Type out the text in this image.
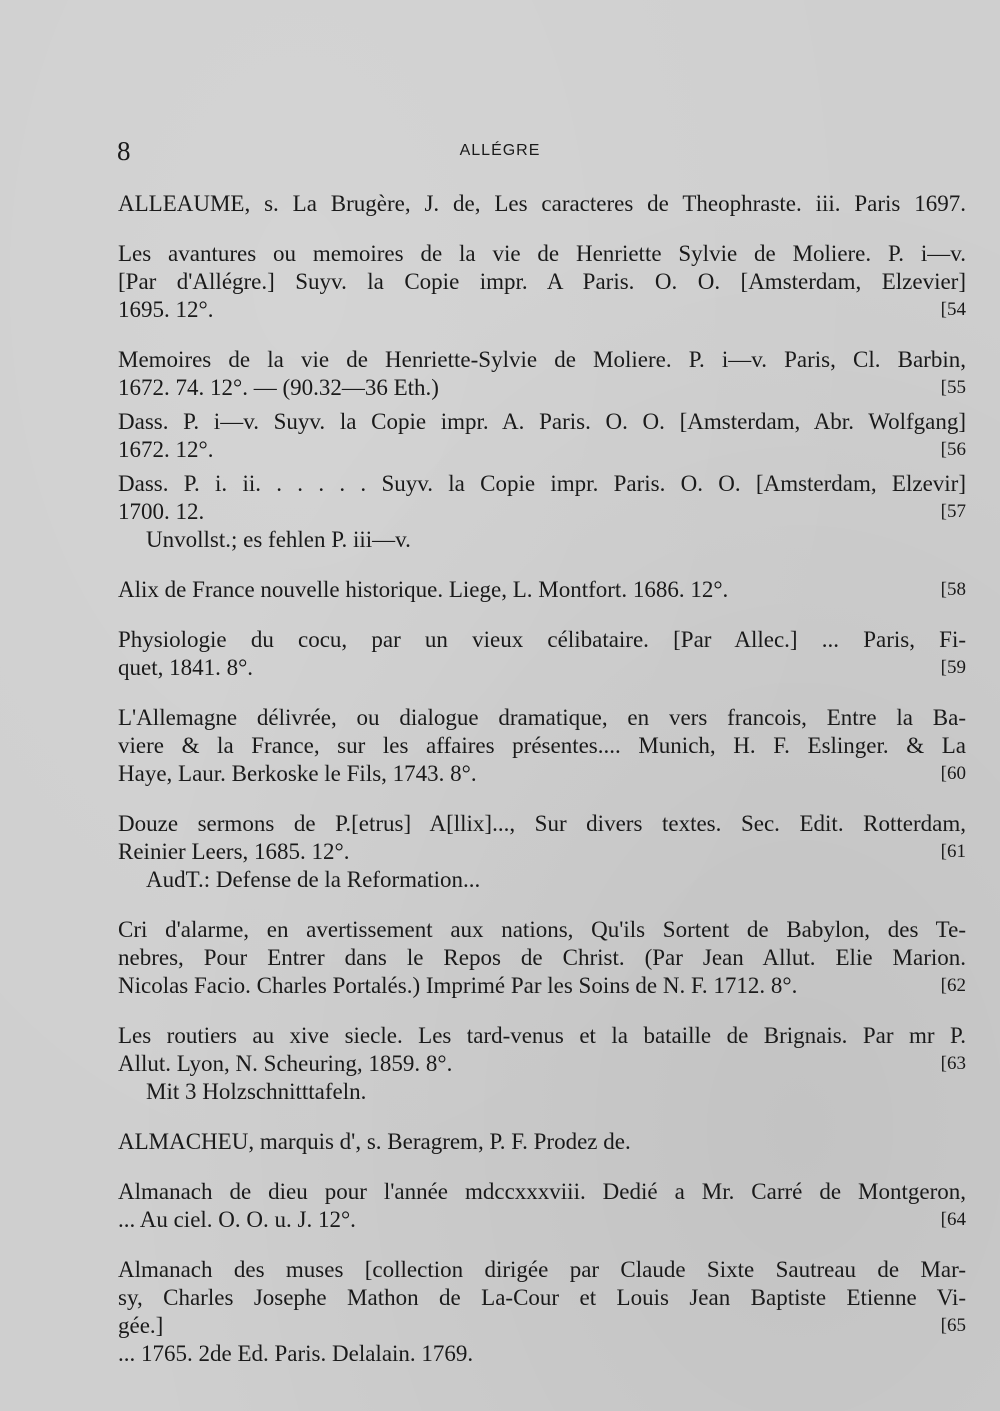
8	ALLÉGRE
ALLEAUME, s. La Brugère, J. de, Les caracteres de Theophraste. iii. Paris 1697.
Les avantures ou memoires de la vie de Henriette Sylvie de Moliere. P. i—v.
[Par d'Allégre.] Suyv. la Copie impr. A Paris. O. O. [Amsterdam, Elzevier]
1695. 12°.	[54
Memoires de la vie de Henriette-Sylvie de Moliere. P. i—v. Paris, Cl. Barbin,
1672. 74. 12°. — (90.32—36 Eth.)	[55
Dass. P. i—v. Suyv. la Copie impr. A. Paris. O. O. [Amsterdam, Abr. Wolfgang]
1672. 12°.	[56
Dass. P. i. ii. . . . . . Suyv. la Copie impr. Paris. O. O. [Amsterdam, Elzevir]
1700. 12.	[57
Unvollst.; es fehlen P. iii—v.
Alix de France nouvelle historique. Liege, L. Montfort. 1686. 12°.	[58
Physiologie du cocu, par un vieux célibataire. [Par Allec.] ... Paris, Fi-
quet, 1841. 8°.	[59
L'Allemagne délivrée, ou dialogue dramatique, en vers francois, Entre la Ba-
viere & la France, sur les affaires présentes.... Munich, H. F. Eslinger. & La
Haye, Laur. Berkoske le Fils, 1743. 8°.	[60
Douze sermons de P.[etrus] A[llix]..., Sur divers textes. Sec. Edit. Rotterdam,
Reinier Leers, 1685. 12°.	[61
AudT.: Defense de la Reformation...
Cri d'alarme, en avertissement aux nations, Qu'ils Sortent de Babylon, des Te-
nebres, Pour Entrer dans le Repos de Christ. (Par Jean Allut. Elie Marion.
Nicolas Facio. Charles Portalés.) Imprimé Par les Soins de N. F. 1712. 8°.	[62
Les routiers au xive siecle. Les tard-venus et la bataille de Brignais. Par mr P.
Allut. Lyon, N. Scheuring, 1859. 8°.	[63
Mit 3 Holzschnitttafeln.
ALMACHEU, marquis d', s. Beragrem, P. F. Prodez de.
Almanach de dieu pour l'année mdccxxxviii. Dedié a Mr. Carré de Montgeron,
... Au ciel. O. O. u. J. 12°.	[64
Almanach des muses [collection dirigée par Claude Sixte Sautreau de Mar-
sy, Charles Josephe Mathon de La-Cour et Louis Jean Baptiste Etienne Vi-
gée.]	[65
... 1765. 2de Ed. Paris. Delalain. 1769.
